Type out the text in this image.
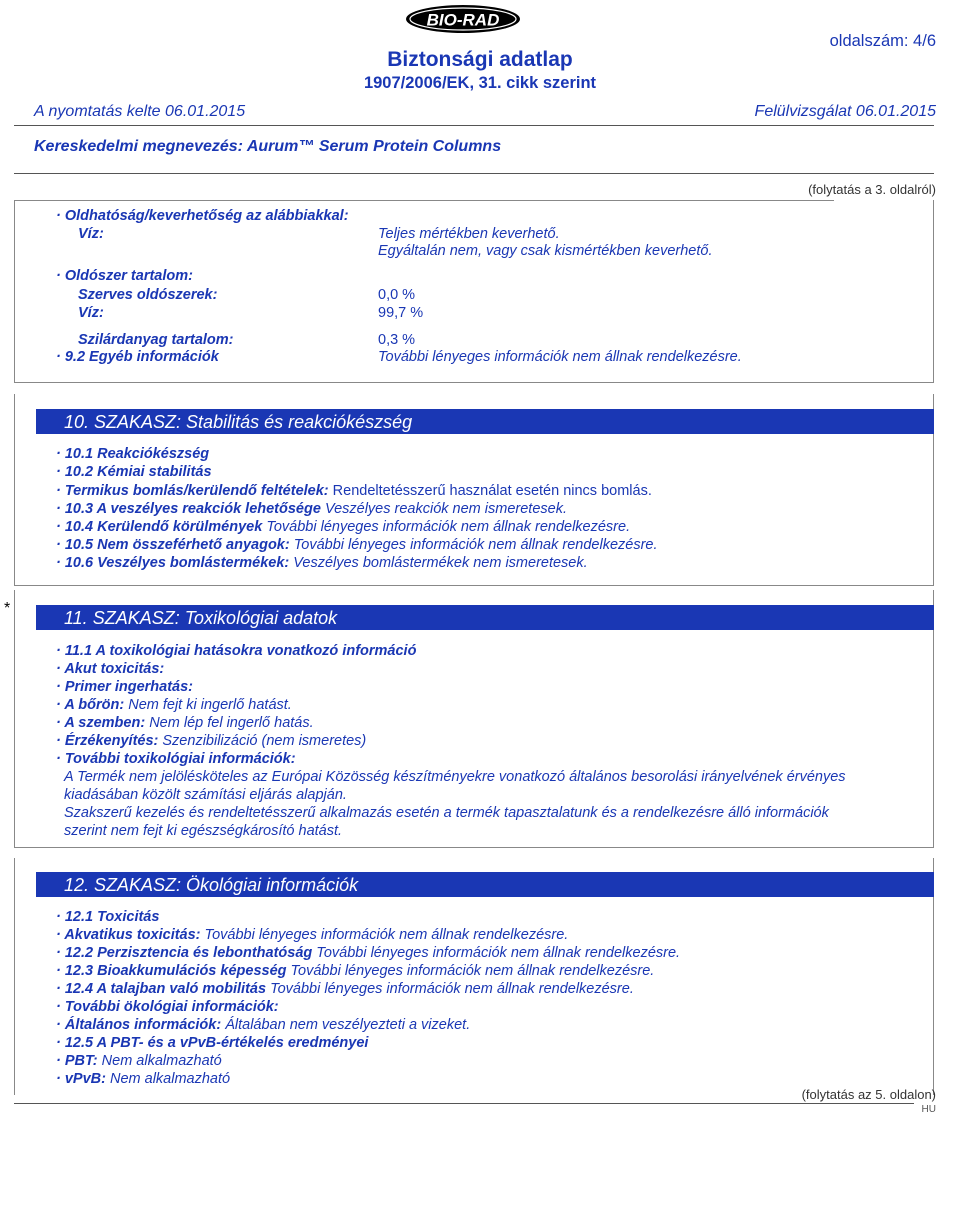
BIO-RAD
oldalszám: 4/6
Biztonsági adatlap
1907/2006/EK, 31. cikk szerint
A nyomtatás kelte 06.01.2015	Felülvizsgálat 06.01.2015
Kereskedelmi megnevezés: Aurum™ Serum Protein Columns
(folytatás a 3. oldalról)
· Oldhatóság/keverhetőség az alábbiakkal:
Víz:	Teljes mértékben keverhető.
Egyáltalán nem, vagy csak kismértékben keverhető.
· Oldószer tartalom:
Szerves oldószerek:	0,0 %
Víz:	99,7 %
Szilárdanyag tartalom:	0,3 %
· 9.2 Egyéb információk	További lényeges információk nem állnak rendelkezésre.
10. SZAKASZ: Stabilitás és reakciókészség
· 10.1 Reakciókészség
· 10.2 Kémiai stabilitás
· Termikus bomlás/kerülendő feltételek: Rendeltetésszerű használat esetén nincs bomlás.
· 10.3 A veszélyes reakciók lehetősége Veszélyes reakciók nem ismeretesek.
· 10.4 Kerülendő körülmények További lényeges információk nem állnak rendelkezésre.
· 10.5 Nem összeférhető anyagok: További lényeges információk nem állnak rendelkezésre.
· 10.6 Veszélyes bomlástermékek: Veszélyes bomlástermékek nem ismeretesek.
*	11. SZAKASZ: Toxikológiai adatok
· 11.1 A toxikológiai hatásokra vonatkozó információ
· Akut toxicitás:
· Primer ingerhatás:
· A bőrön: Nem fejt ki ingerlő hatást.
· A szemben: Nem lép fel ingerlő hatás.
· Érzékenyítés: Szenzibilizáció (nem ismeretes)
· További toxikológiai információk:
A Termék nem jelölésköteles az Európai Közösség készítményekre vonatkozó általános besorolási irányelvének érvényes
kiadásában közölt számítási eljárás alapján.
Szakszerű kezelés és rendeltetésszerű alkalmazás esetén a termék tapasztalatunk és a rendelkezésre álló információk
szerint nem fejt ki egészségkárosító hatást.
12. SZAKASZ: Ökológiai információk
· 12.1 Toxicitás
· Akvatikus toxicitás: További lényeges információk nem állnak rendelkezésre.
· 12.2 Perzisztencia és lebonthatóság További lényeges információk nem állnak rendelkezésre.
· 12.3 Bioakkumulációs képesség További lényeges információk nem állnak rendelkezésre.
· 12.4 A talajban való mobilitás További lényeges információk nem állnak rendelkezésre.
· További ökológiai információk:
· Általános információk: Általában nem veszélyezteti a vizeket.
· 12.5 A PBT- és a vPvB-értékelés eredményei
· PBT: Nem alkalmazható
· vPvB: Nem alkalmazható
(folytatás az 5. oldalon)
HU
